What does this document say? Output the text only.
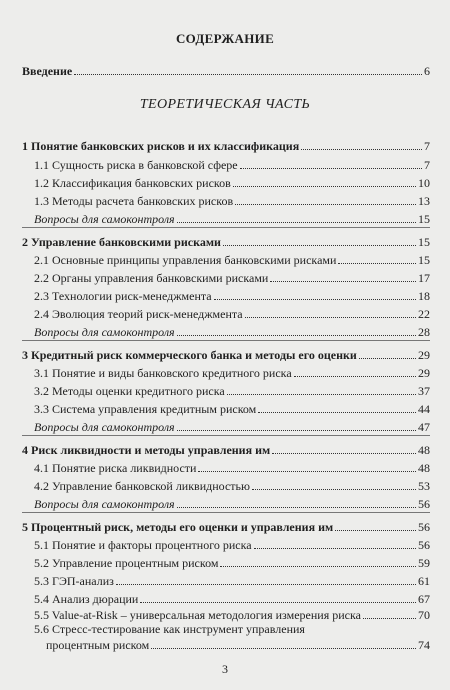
СОДЕРЖАНИЕ
Введение	6
ТЕОРЕТИЧЕСКАЯ ЧАСТЬ
1 Понятие банковских рисков и их классификация	7
1.1 Сущность риска в банковской сфере	7
1.2 Классификация банковских рисков	10
1.3 Методы расчета банковских рисков	13
Вопросы для самоконтроля	15
2 Управление банковскими рисками	15
2.1 Основные принципы управления банковскими рисками	15
2.2 Органы управления банковскими рисками	17
2.3 Технологии риск-менеджмента	18
2.4 Эволюция теорий риск-менеджмента	22
Вопросы для самоконтроля	28
3 Кредитный риск коммерческого банка и методы его оценки	29
3.1 Понятие и виды банковского кредитного риска	29
3.2 Методы оценки кредитного риска	37
3.3 Система управления кредитным риском	44
Вопросы для самоконтроля	47
4 Риск ликвидности и методы управления им	48
4.1 Понятие риска ликвидности	48
4.2 Управление банковской ликвидностью	53
Вопросы для самоконтроля	56
5 Процентный риск, методы его оценки и управления им	56
5.1 Понятие и факторы процентного риска	56
5.2 Управление процентным риском	59
5.3 ГЭП-анализ	61
5.4 Анализ дюрации	67
5.5 Value-at-Risk – универсальная методология измерения риска	70
5.6 Стресс-тестирование как инструмент управления
процентным риском	74
3
